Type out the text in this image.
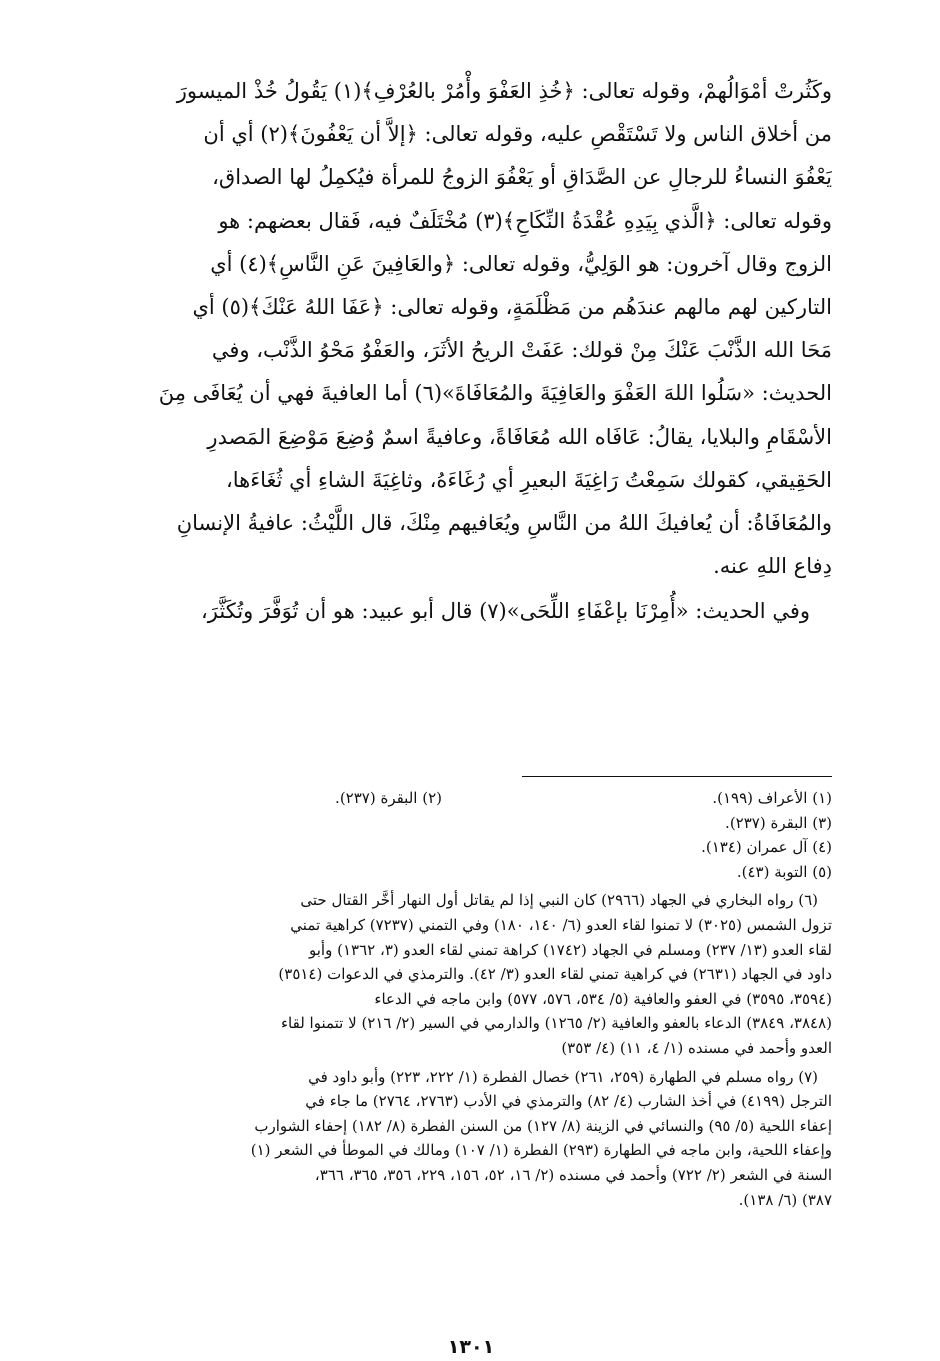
وكَثُرتْ أمْوَالُهمْ، وقوله تعالى: ﴿خُذِ العَفْوَ وأْمُرْ بالعُرْفِ﴾(١) يَقُولُ خُذْ الميسورَ
من أخلاق الناس ولا تَسْتَقْصِ عليه، وقوله تعالى: ﴿إلاَّ أن يَعْفُونَ﴾(٢) أي أن
يَعْفُوَ النساءُ للرجالِ عن الصَّدَاقِ أو يَعْفُوَ الزوجُ للمرأة فيُكمِلُ لها الصداق،
وقوله تعالى: ﴿الَّذي بِيَدِهِ عُقْدَةُ النِّكَاحِ﴾(٣) مُخْتَلَفٌ فيه، فَقال بعضهم: هو
الزوج وقال آخرون: هو الوَلِيُّ، وقوله تعالى: ﴿والعَافِينَ عَنِ النَّاسِ﴾(٤) أي
التاركين لهم مالهم عندَهُم من مَظْلَمَةٍ، وقوله تعالى: ﴿عَفَا اللهُ عَنْكَ﴾(٥) أي
مَحَا الله الذَّنْبَ عَنْكَ مِنْ قولك: عَفَتْ الريحُ الأثَرَ، والعَفْوُ مَحْوُ الذَّنْب، وفي
الحديث: «سَلُوا اللهَ العَفْوَ والعَافِيَةَ والمُعَافَاةَ»(٦) أما العافيةَ فهي أن يُعَافَى مِنَ
الأسْقَامِ والبلايا، يقالُ: عَافَاه الله مُعَافَاةً، وعافيةً اسمٌ وُضِعَ مَوْضِعَ المَصدرِ
الحَقِيقي، كقولك سَمِعْتُ رَاغِيَةَ البعيرِ أي رُغَاءَهُ، وثاغِيَةَ الشاءِ أي ثُغَاءَها،
والمُعَافَاةُ: أن يُعافيكَ اللهُ من النَّاسِ ويُعَافيهم مِنْكَ، قال اللَّيْثُ: عافيةُ الإنسانِ
دِفاع اللهِ عنه.
وفي الحديث: «أُمِرْنَا بإعْفَاءِ اللِّحَى»(٧) قال أبو عبيد: هو أن تُوَفَّرَ وتُكَثَّرَ،
(١) الأعراف (١٩٩).
(٢) البقرة (٢٣٧).
(٣) البقرة (٢٣٧).
(٤) آل عمران (١٣٤).
(٥) التوبة (٤٣).
(٦) رواه البخاري في الجهاد (٢٩٦٦) كان النبي إذا لم يقاتل أول النهار أخَّر القتال حتى
تزول الشمس (٣٠٢٥) لا تمنوا لقاء العدو (٦/ ١٤٠، ١٨٠) وفي التمني (٧٢٣٧) كراهية تمني
لقاء العدو (١٣/ ٢٣٧) ومسلم في الجهاد (١٧٤٢) كراهة تمني لقاء العدو (٣، ١٣٦٢) وأبو
داود في الجهاد (٢٦٣١) في كراهية تمني لقاء العدو (٣/ ٤٢). والترمذي في الدعوات (٣٥١٤)
(٣٥٩٤، ٣٥٩٥) في العفو والعافية (٥/ ٥٣٤، ٥٧٦، ٥٧٧) وابن ماجه في الدعاء
(٣٨٤٨، ٣٨٤٩) الدعاء بالعفو والعافية (٢/ ١٢٦٥) والدارمي في السير (٢/ ٢١٦) لا تتمنوا لقاء
العدو وأحمد في مسنده (١/ ٤، ١١) (٤/ ٣٥٣)
(٧) رواه مسلم في الطهارة (٢٥٩، ٢٦١) خصال الفطرة (١/ ٢٢٢، ٢٢٣) وأبو داود في
الترجل (٤١٩٩) في أخذ الشارب (٤/ ٨٢) والترمذي في الأدب (٢٧٦٣، ٢٧٦٤) ما جاء في
إعفاء اللحية (٥/ ٩٥) والنسائي في الزينة (٨/ ١٢٧) من السنن الفطرة (٨/ ١٨٢) إحفاء الشوارب
وإعفاء اللحية، وابن ماجه في الطهارة (٢٩٣) الفطرة (١/ ١٠٧) ومالك في الموطأ في الشعر (١)
السنة في الشعر (٢/ ٧٢٢) وأحمد في مسنده (٢/ ١٦، ٥٢، ١٥٦، ٢٢٩، ٣٥٦، ٣٦٥، ٣٦٦،
٣٨٧) (٦/ ١٣٨).
١٣٠١
